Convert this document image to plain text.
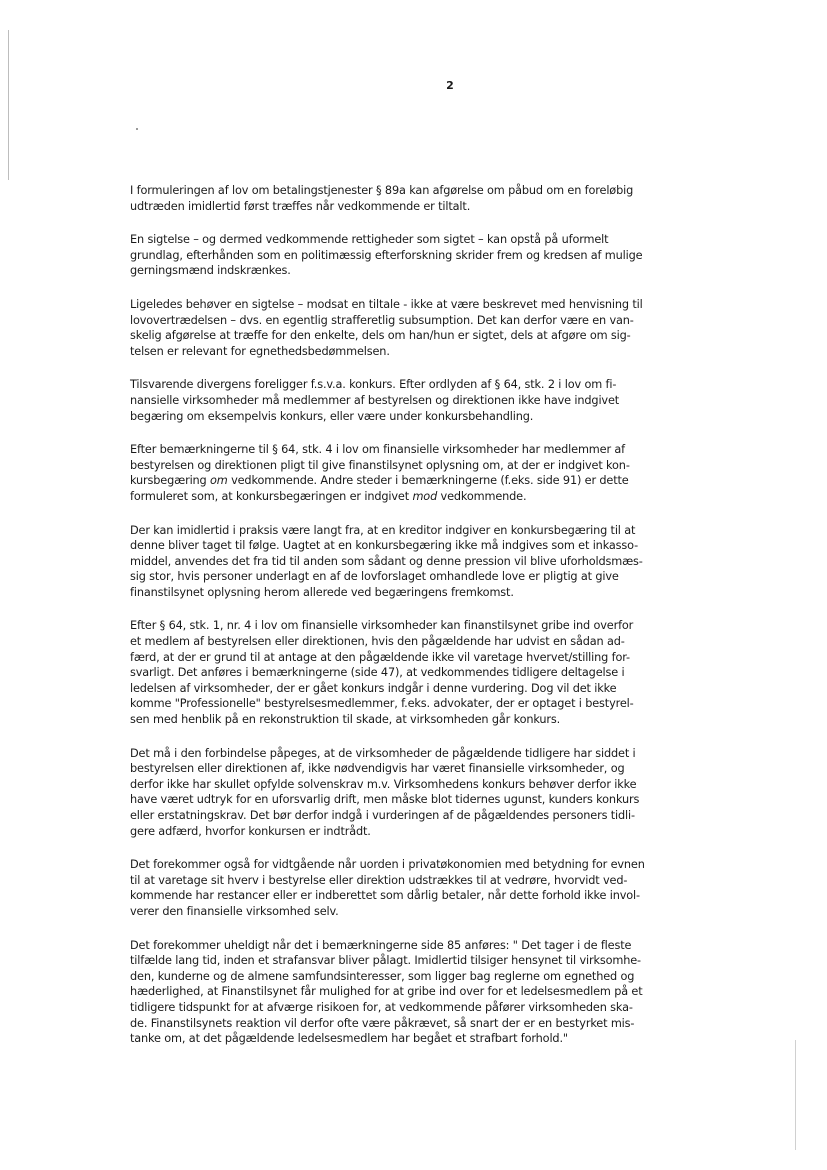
2

I formuleringen af lov om betalingstjenester § 89a kan afgørelse om påbud om en foreløbig
udtræden imidlertid først træffes når vedkommende er tiltalt.

En sigtelse – og dermed vedkommende rettigheder som sigtet – kan opstå på uformelt
grundlag, efterhånden som en politimæssig efterforskning skrider frem og kredsen af mulige
gerningsmænd indskrænkes.

Ligeledes behøver en sigtelse – modsat en tiltale - ikke at være beskrevet med henvisning til
lovovertrædelsen – dvs. en egentlig strafferetlig subsumption. Det kan derfor være en van-
skelig afgørelse at træffe for den enkelte, dels om han/hun er sigtet, dels at afgøre om sig-
telsen er relevant for egnethedsbedømmelsen.

Tilsvarende divergens foreligger f.s.v.a. konkurs. Efter ordlyden af § 64, stk. 2 i lov om fi-
nansielle virksomheder må medlemmer af bestyrelsen og direktionen ikke have indgivet
begæring om eksempelvis konkurs, eller være under konkursbehandling.

Efter bemærkningerne til § 64, stk. 4 i lov om finansielle virksomheder har medlemmer af
bestyrelsen og direktionen pligt til give finanstilsynet oplysning om, at der er indgivet kon-
kursbegæring om vedkommende. Andre steder i bemærkningerne (f.eks. side 91) er dette
formuleret som, at konkursbegæringen er indgivet mod vedkommende.

Der kan imidlertid i praksis være langt fra, at en kreditor indgiver en konkursbegæring til at
denne bliver taget til følge. Uagtet at en konkursbegæring ikke må indgives som et inkasso-
middel, anvendes det fra tid til anden som sådant og denne pression vil blive uforholdsmæs-
sig stor, hvis personer underlagt en af de lovforslaget omhandlede love er pligtig at give
finanstilsynet oplysning herom allerede ved begæringens fremkomst.

Efter § 64, stk. 1, nr. 4 i lov om finansielle virksomheder kan finanstilsynet gribe ind overfor
et medlem af bestyrelsen eller direktionen, hvis den pågældende har udvist en sådan ad-
færd, at der er grund til at antage at den pågældende ikke vil varetage hvervet/stilling for-
svarligt. Det anføres i bemærkningerne (side 47), at vedkommendes tidligere deltagelse i
ledelsen af virksomheder, der er gået konkurs indgår i denne vurdering. Dog vil det ikke
komme "Professionelle" bestyrelsesmedlemmer, f.eks. advokater, der er optaget i bestyrel-
sen med henblik på en rekonstruktion til skade, at virksomheden går konkurs.

Det må i den forbindelse påpeges, at de virksomheder de pågældende tidligere har siddet i
bestyrelsen eller direktionen af, ikke nødvendigvis har været finansielle virksomheder, og
derfor ikke har skullet opfylde solvenskrav m.v. Virksomhedens konkurs behøver derfor ikke
have været udtryk for en uforsvarlig drift, men måske blot tidernes ugunst, kunders konkurs
eller erstatningskrav. Det bør derfor indgå i vurderingen af de pågældendes personers tidli-
gere adfærd, hvorfor konkursen er indtrådt.

Det forekommer også for vidtgående når uorden i privatøkonomien med betydning for evnen
til at varetage sit hverv i bestyrelse eller direktion udstrækkes til at vedrøre, hvorvidt ved-
kommende har restancer eller er indberettet som dårlig betaler, når dette forhold ikke invol-
verer den finansielle virksomhed selv.

Det forekommer uheldigt når det i bemærkningerne side 85 anføres: " Det tager i de fleste
tilfælde lang tid, inden et strafansvar bliver pålagt. Imidlertid tilsiger hensynet til virksomhe-
den, kunderne og de almene samfundsinteresser, som ligger bag reglerne om egnethed og
hæderlighed, at Finanstilsynet får mulighed for at gribe ind over for et ledelsesmedlem på et
tidligere tidspunkt for at afværge risikoen for, at vedkommende påfører virksomheden ska-
de. Finanstilsynets reaktion vil derfor ofte være påkrævet, så snart der er en bestyrket mis-
tanke om, at det pågældende ledelsesmedlem har begået et strafbart forhold."
